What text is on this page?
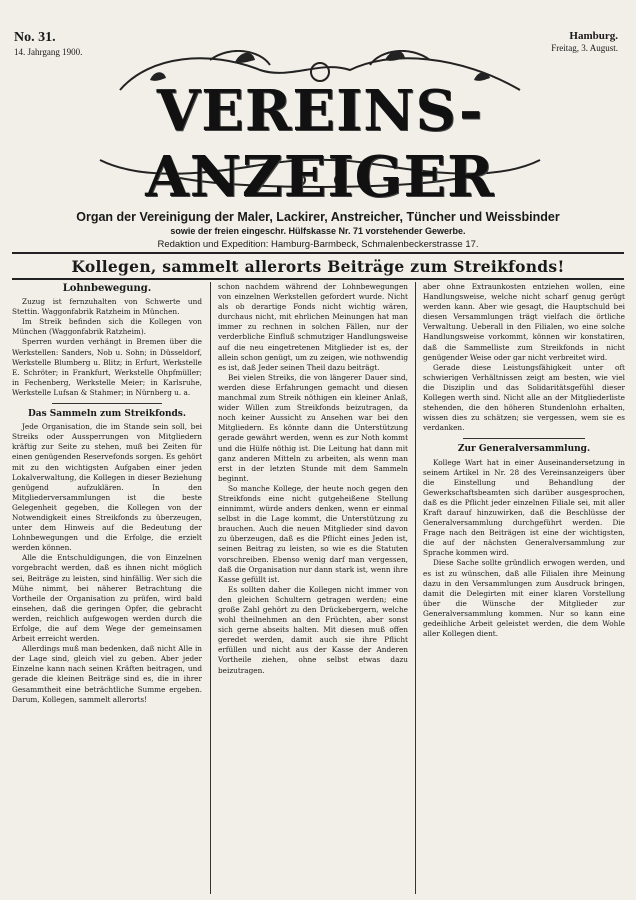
No. 31.
14. Jahrgang 1900.
Hamburg.
Freitag, 3. August.
VEREINS-ANZEIGER
Organ der Vereinigung der Maler, Lackirer, Anstreicher, Tüncher und Weissbinder
sowie der freien eingeschr. Hülfskasse Nr. 71 vorstehender Gewerbe.
Redaktion und Expedition: Hamburg-Barmbeck, Schmalenbeckerstrasse 17.
Kollegen, sammelt allerorts Beiträge zum Streikfonds!
Lohnbewegung.

Zuzug ist fernzuhalten von Schwerte und Stettin. Waggonfabrik Ratzheim in München.

Im Streik befinden sich die Kollegen von München (Waggonfabrik Ratzheim).

Sperren wurden verhängt in Bremen über die Werkstellen: Sanders, Nob u. Sohn; in Düsseldorf, Werkstelle Blumberg u. Blitz; in Erfurt, Werkstelle E. Schröter; in Frankfurt, Werkstelle Ohpfmüller; in Fechenberg, Werkstelle Meier; in Karlsruhe, Werkstelle Lufsan & Stahmer; in Nürnberg u. a.

Das Sammeln zum Streikfonds.

Jede Organisation, die im Stande sein soll, bei Streiks oder Aussperrungen von Mitgliedern kräftig zur Seite zu stehen, muß bei Zeiten für einen genügenden Reservefonds sorgen. Es gehört mit zu den wichtigsten Aufgaben einer jeden Lokalverwaltung, die Kollegen in dieser Beziehung genügend aufzuklären. In den Mitgliederversammlungen ist die beste Gelegenheit gegeben, die Kollegen von der Notwendigkeit eines Streikfonds zu überzeugen, unter dem Hinweis auf die Bedeutung der Lohnbewegungen und die Erfolge, die erzielt werden können.

Alle die Entschuldigungen, die von Einzelnen vorgebracht werden, daß es ihnen nicht möglich sei, Beiträge zu leisten, sind hinfällig. Wer sich die Mühe nimmt, bei näherer Betrachtung die Vortheile der Organisation zu prüfen, wird bald einsehen, daß die geringen Opfer, die gebracht werden, reichlich aufgewogen werden durch die Erfolge, die auf dem Wege der gemeinsamen Arbeit erreicht werden.

Allerdings muß man bedenken, daß nicht Alle in der Lage sind, gleich viel zu geben. Aber jeder Einzelne kann nach seinen Kräften beitragen, und gerade die kleinen Beiträge sind es, die in ihrer Gesammtheit eine beträchtliche Summe ergeben. Darum, Kollegen, sammelt allerorts!

schon nachdem während der Lohnbewegungen von einzelnen Werkstellen gefordert wurde. Nicht als ob derartige Fonds nicht wichtig wären, durchaus nicht, mit ehrlichen Meinungen hat man immer zu rechnen in solchen Fällen, nur der verderbliche Einfluß schmutziger Handlungsweise auf die neu eingetretenen Mitglieder ist es, der allein schon genügt, um zu zeigen, wie nothwendig es ist, daß Jeder seinen Theil dazu beiträgt.

Bei vielen Streiks, die von längerer Dauer sind, werden diese Erfahrungen gemacht und diesen manchmal zum Streik nöthigen ein kleiner Anlaß, wider Willen zum Streikfonds beizutragen, da noch keiner Aussicht zu Ansehen war bei den Mitgliedern. Es könnte dann die Unterstützung gerade gewährt werden, wenn es zur Noth kommt und die Hülfe nöthig ist. Die Leitung hat dann mit ganz anderen Mitteln zu arbeiten, als wenn man erst in der letzten Stunde mit dem Sammeln beginnt.

So manche Kollege, der heute noch gegen den Streikfonds eine nicht gutgeheißene Stellung einnimmt, würde anders denken, wenn er einmal selbst in die Lage kommt, die Unterstützung zu brauchen. Auch die neuen Mitglieder sind davon zu überzeugen, daß es die Pflicht eines Jeden ist, seinen Beitrag zu leisten, so wie es die Statuten vorschreiben. Ebenso wenig darf man vergessen, daß die Organisation nur dann stark ist, wenn ihre Kasse gefüllt ist.

Es sollten daher die Kollegen nicht immer von den gleichen Schultern getragen werden; eine große Zahl gehört zu den Drückebergern, welche wohl theilnehmen an den Früchten, aber sonst sich gerne abseits halten. Mit diesen muß offen geredet werden, damit auch sie ihre Pflicht erfüllen und nicht aus der Kasse der Anderen Vortheile ziehen, ohne selbst etwas dazu beizutragen.

aber ohne Extraunkosten entziehen wollen, eine Handlungsweise, welche nicht scharf genug gerügt werden kann. Aber wie gesagt, die Hauptschuld bei diesen Versammlungen trägt vielfach die örtliche Verwaltung. Ueberall in den Filialen, wo eine solche Handlungsweise vorkommt, können wir konstatiren, daß die Sammelliste zum Streikfonds in nicht genügender Weise oder gar nicht verbreitet wird.

Gerade diese Leistungsfähigkeit unter oft schwierigen Verhältnissen zeigt am besten, wie viel die Disziplin und das Solidaritätsgefühl dieser Kollegen werth sind. Nicht alle an der Mitgliederliste stehenden, die den höheren Stundenlohn erhalten, wissen dies zu schätzen; sie vergessen, wem sie es verdanken.

Zur Generalversammlung.

Kollege Wart hat in einer Auseinandersetzung in seinem Artikel in Nr. 28 des Vereinsanzeigers über die Einstellung und Behandlung der Gewerkschaftsbeamten sich darüber ausgesprochen, daß es die Pflicht jeder einzelnen Filiale sei, mit aller Kraft darauf hinzuwirken, daß die Beschlüsse der Generalversammlung durchgeführt werden. Die Frage nach den Beiträgen ist eine der wichtigsten, die auf der nächsten Generalversammlung zur Sprache kommen wird.

Diese Sache sollte gründlich erwogen werden, und es ist zu wünschen, daß alle Filialen ihre Meinung dazu in den Versammlungen zum Ausdruck bringen, damit die Delegirten mit einer klaren Vorstellung über die Wünsche der Mitglieder zur Generalversammlung kommen. Nur so kann eine gedeihliche Arbeit geleistet werden, die dem Wohle aller Kollegen dient.
